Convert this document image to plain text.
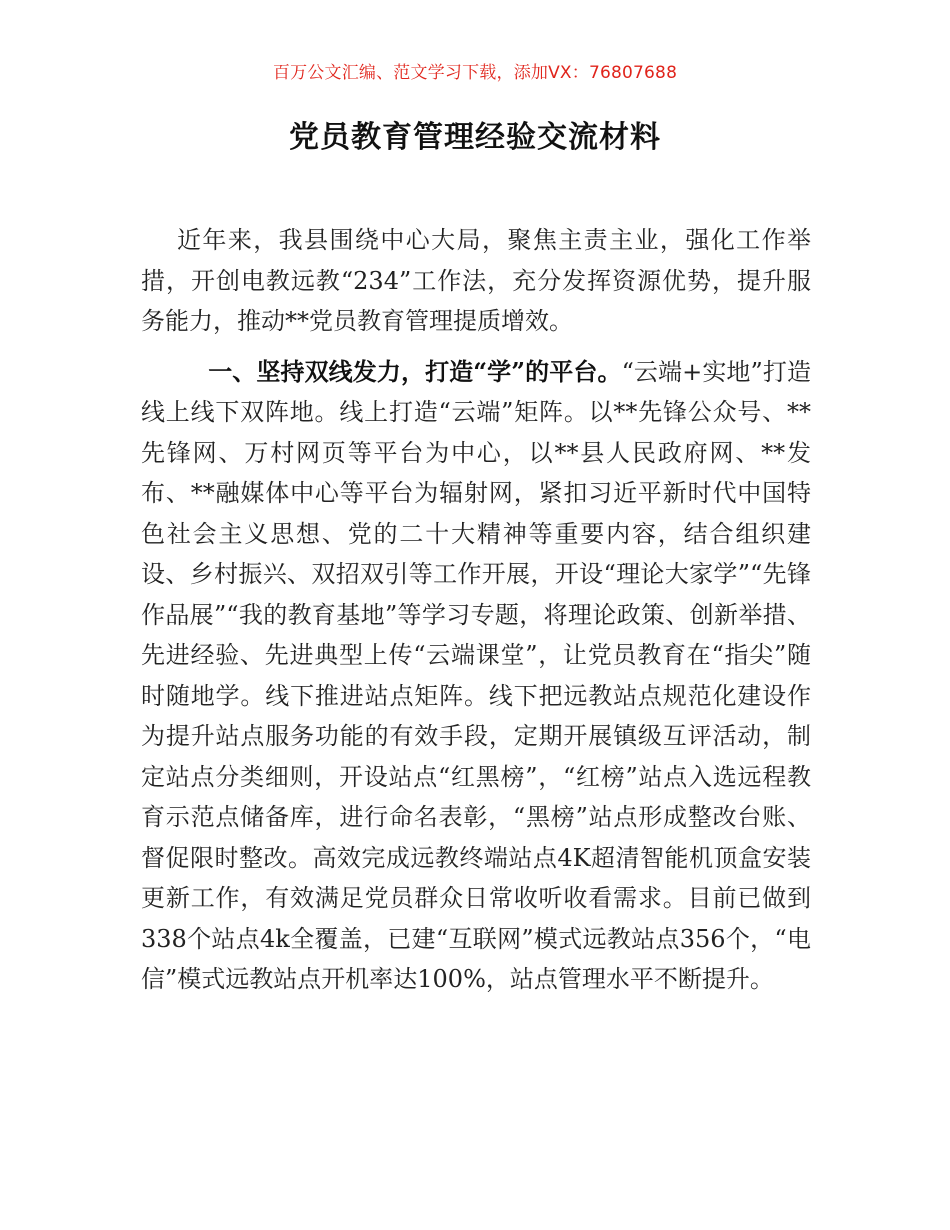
百万公文汇编、范文学习下载，添加VX：76807688
党员教育管理经验交流材料

近年来，我县围绕中心大局，聚焦主责主业，强化工作举措，开创电教远教“234”工作法，充分发挥资源优势，提升服务能力，推动**党员教育管理提质增效。

一、坚持双线发力，打造“学”的平台。“云端+实地”打造线上线下双阵地。线上打造“云端”矩阵。以**先锋公众号、**先锋网、万村网页等平台为中心，以**县人民政府网、**发布、**融媒体中心等平台为辐射网，紧扣习近平新时代中国特色社会主义思想、党的二十大精神等重要内容，结合组织建设、乡村振兴、双招双引等工作开展，开设“理论大家学”“先锋作品展”“我的教育基地”等学习专题，将理论政策、创新举措、先进经验、先进典型上传“云端课堂”，让党员教育在“指尖”随时随地学。线下推进站点矩阵。线下把远教站点规范化建设作为提升站点服务功能的有效手段，定期开展镇级互评活动，制定站点分类细则，开设站点“红黑榜”，“红榜”站点入选远程教育示范点储备库，进行命名表彰，“黑榜”站点形成整改台账、督促限时整改。高效完成远教终端站点4K超清智能机顶盒安装更新工作，有效满足党员群众日常收听收看需求。目前已做到338个站点4k全覆盖，已建“互联网”模式远教站点356个，“电信”模式远教站点开机率达100%，站点管理水平不断提升。
